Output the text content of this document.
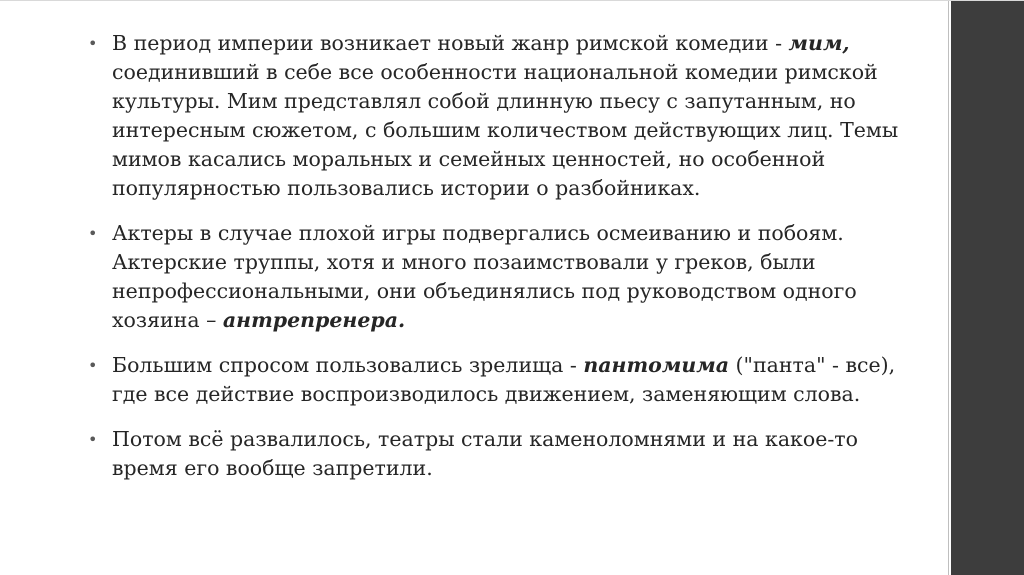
• В период империи возникает новый жанр римской комедии - мим, соединивший в себе все особенности национальной комедии римской культуры. Мим представлял собой длинную пьесу с запутанным, но интересным сюжетом, с большим количеством действующих лиц. Темы мимов касались моральных и семейных ценностей, но особенной популярностью пользовались истории о разбойниках.
• Актеры в случае плохой игры подвергались осмеиванию и побоям. Актерские труппы, хотя и много позаимствовали у греков, были непрофессиональными, они объединялись под руководством одного хозяина – антрепренера.
• Большим спросом пользовались зрелища - пантомима ("панта" - все), где все действие воспроизводилось движением, заменяющим слова.
• Потом всё развалилось, театры стали каменоломнями и на какое-то время его вообще запретили.
